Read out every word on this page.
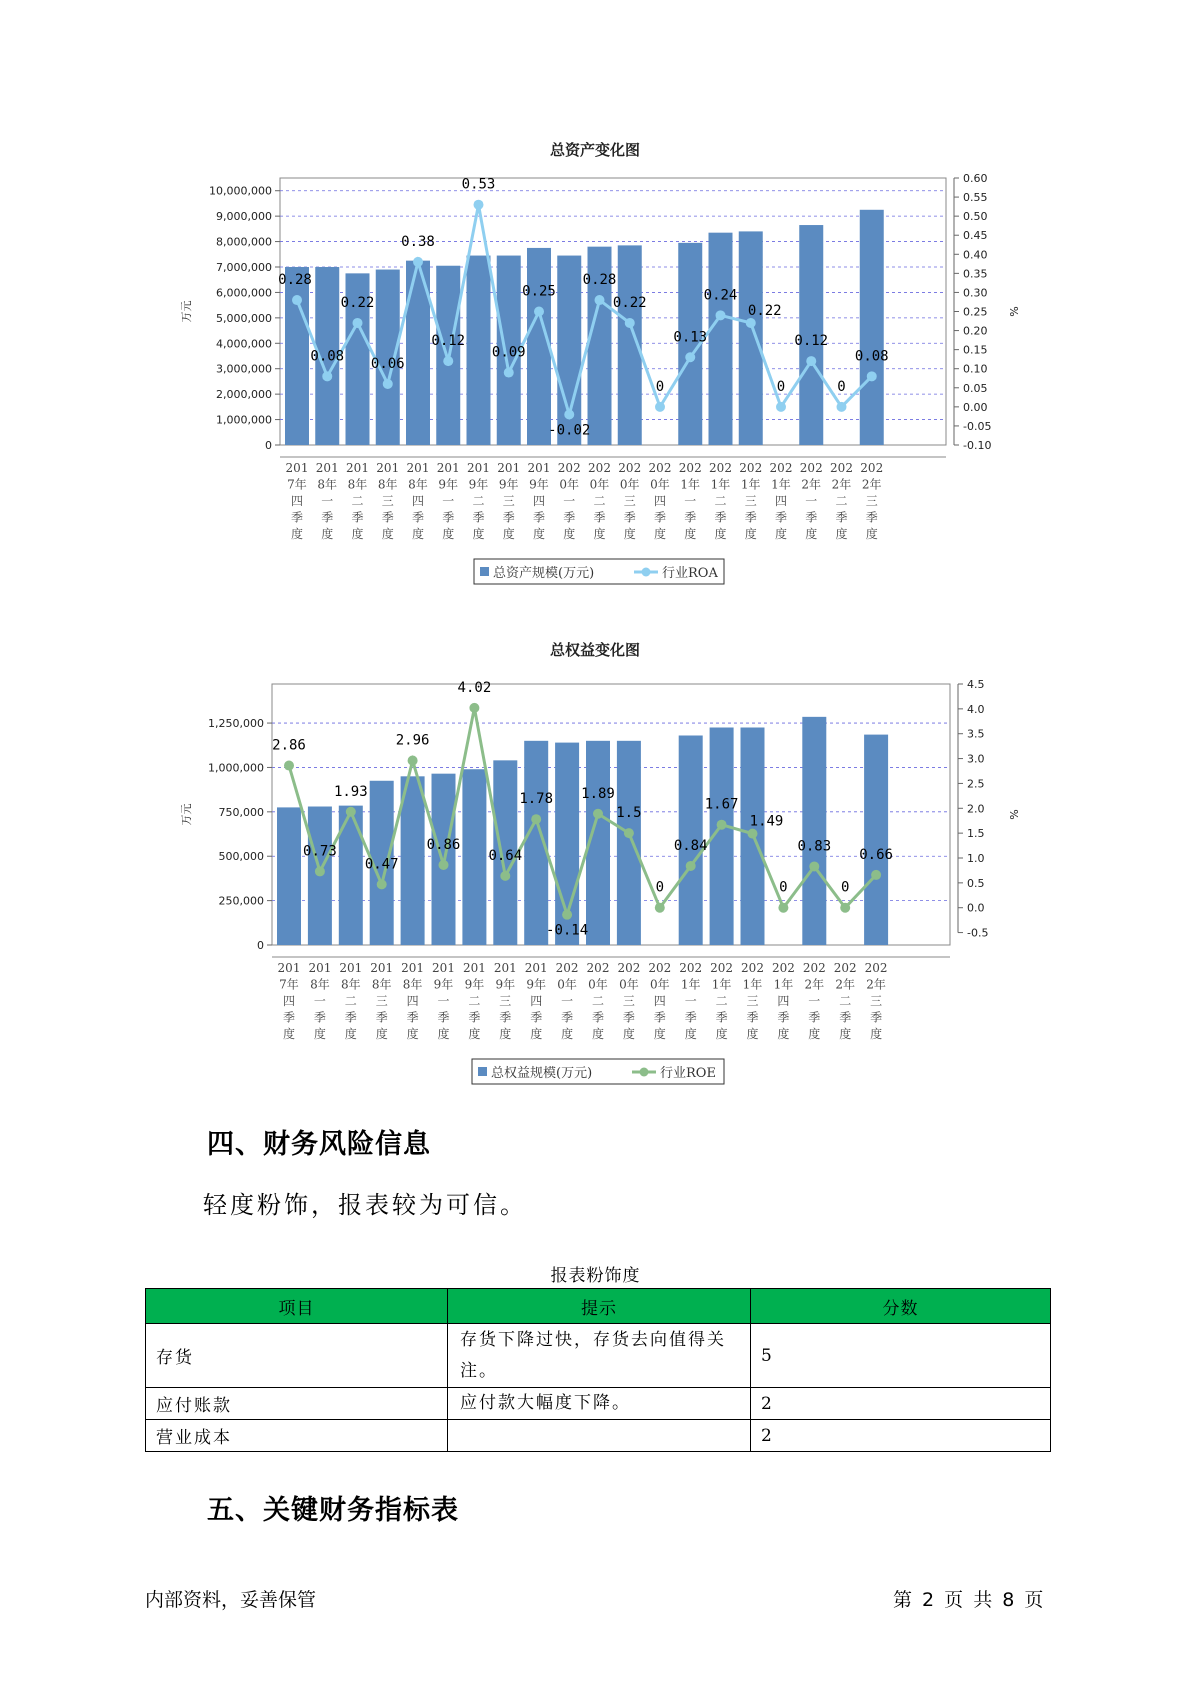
总资产变化图
10,000,000
9,000,000
8,000,000
7,000,000
6,000,000
5,000,000
4,000,000
3,000,000
2,000,000
1,000,000
0
0.60
0.55
0.50
0.45
0.40
0.35
0.30
0.25
0.20
0.15
0.10
0.05
0.00
-0.05
-0.10
万元	%
201
7年
四
季
度
201
8年
一
季
度
201
8年
二
季
度
201
8年
三
季
度
201
8年
四
季
度
201
9年
一
季
度
201
9年
二
季
度
201
9年
三
季
度
201
9年
四
季
度
202
0年
一
季
度
202
0年
二
季
度
202
0年
三
季
度
202
0年
四
季
度
202
1年
一
季
度
202
1年
二
季
度
202
1年
三
季
度
202
1年
四
季
度
202
2年
一
季
度
202
2年
二
季
度
202
2年
三
季
度
0.28
0.08
0.22
0.06
0.38
0.12
0.53
0.09
0.25
-0.02
0.28
0.22
0
0.13
0.24
0.22
0
0.12
0
0.08
总资产规模(万元)	行业ROA
总权益变化图
1,250,000
1,000,000
750,000
500,000
250,000
0
4.5
4.0
3.5
3.0
2.5
2.0
1.5
1.0
0.5
0.0
-0.5
万元	%
201
7年
四
季
度
201
8年
一
季
度
201
8年
二
季
度
201
8年
三
季
度
201
8年
四
季
度
201
9年
一
季
度
201
9年
二
季
度
201
9年
三
季
度
201
9年
四
季
度
202
0年
一
季
度
202
0年
二
季
度
202
0年
三
季
度
202
0年
四
季
度
202
1年
一
季
度
202
1年
二
季
度
202
1年
三
季
度
202
1年
四
季
度
202
2年
一
季
度
202
2年
二
季
度
202
2年
三
季
度
2.86
0.73
1.93
0.47
2.96
0.86
4.02
0.64
1.78
-0.14
1.89
1.5
0
0.84
1.67
1.49
0
0.83
0
0.66
总权益规模(万元)	行业ROE
四、财务风险信息

轻度粉饰，报表较为可信。

报表粉饰度
项目	提示	分数
存货	存货下降过快，存货去向值得关注。	5
应付账款	应付款大幅度下降。	2
营业成本		2
五、关键财务指标表
内部资料，妥善保管	第 2 页 共 8 页
